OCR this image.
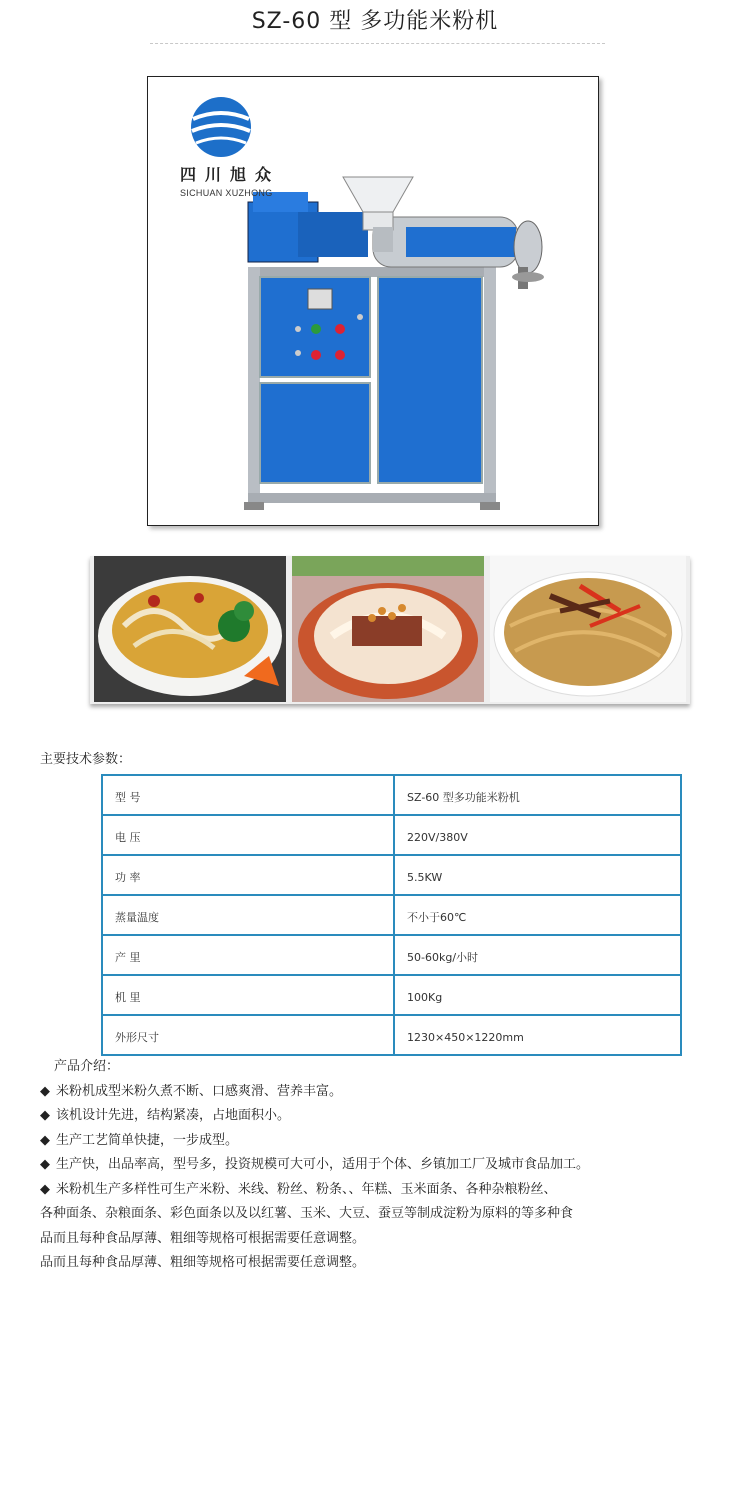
SZ-60 型 多功能米粉机
四川旭众
SICHUAN XUZHONG
主要技术参数：
型 号	SZ-60 型多功能米粉机
电 压	220V/380V
功 率	5.5KW
蒸量温度	不小于60℃
产 里	50-60kg/小时
机 里	100Kg
外形尺寸	1230×450×1220mm
产品介绍：
◆ 米粉机成型米粉久煮不断、口感爽滑、营养丰富。
◆ 该机设计先进，结构紧凑，占地面积小。
◆ 生产工艺简单快捷，一步成型。
◆ 生产快，出品率高，型号多，投资规模可大可小，适用于个体、乡镇加工厂及城市食品加工。
◆ 米粉机生产多样性可生产米粉、米线、粉丝、粉条、、年糕、玉米面条、各种杂粮粉丝、
各种面条、杂粮面条、彩色面条以及以红薯、玉米、大豆、蚕豆等制成淀粉为原料的等多种食
品而且每种食品厚薄、粗细等规格可根据需要任意调整。
品而且每种食品厚薄、粗细等规格可根据需要任意调整。
